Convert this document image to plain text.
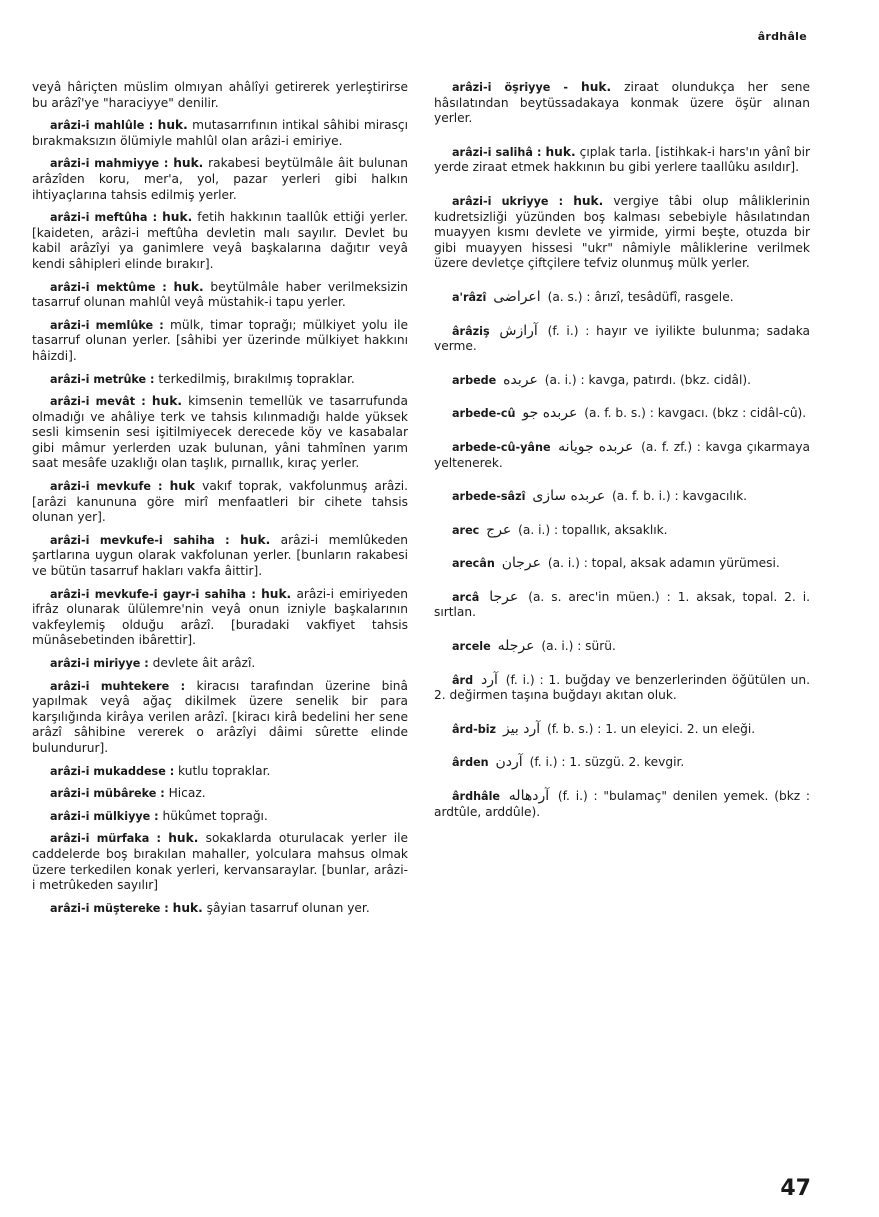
ârdhâle

veyâ hâriçten müslim olmıyan ahâlîyi getirerek yerleştirirse bu arâzî'ye "haraciyye" denilir.

arâzi-i mahlûle : huk. mutasarrıfının intikal sâhibi mirasçı bırakmaksızın ölümiyle mahlûl olan arâzi-i emiriye.

arâzi-i mahmiyye : huk. rakabesi beytülmâle âit bulunan arâzîden koru, mer'a, yol, pazar yerleri gibi halkın ihtiyaçlarına tahsis edilmiş yerler.

arâzi-i meftûha : huk. fetih hakkının taallûk ettiği yerler. [kaideten, arâzi-i meftûha devletin malı sayılır. Devlet bu kabil arâzîyi ya ganimlere veyâ başkalarına dağıtır veyâ kendi sâhipleri elinde bırakır].

arâzi-i mektûme : huk. beytülmâle haber verilmeksizin tasarruf olunan mahlûl veyâ müstahik-i tapu yerler.

arâzi-i memlûke : mülk, timar toprağı; mülkiyet yolu ile tasarruf olunan yerler. [sâhibi yer üzerinde mülkiyet hakkını hâizdi].

arâzi-i metrûke : terkedilmiş, bırakılmış topraklar.

arâzi-i mevât : huk. kimsenin temellük ve tasarrufunda olmadığı ve ahâliye terk ve tahsis kılınmadığı halde yüksek sesli kimsenin sesi işitilmiyecek derecede köy ve kasabalar gibi mâmur yerlerden uzak bulunan, yâni tahmînen yarım saat mesâfe uzaklığı olan taşlık, pırnallık, kıraç yerler.

arâzi-i mevkufe : huk vakıf toprak, vakfolunmuş arâzi. [arâzi kanununa göre mirî menfaatleri bir cihete tahsis olunan yer].

arâzi-i mevkufe-i sahiha : huk. arâzi-i memlûkeden şartlarına uygun olarak vakfolunan yerler. [bunların rakabesi ve bütün tasarruf hakları vakfa âittir].

arâzi-i mevkufe-i gayr-i sahiha : huk. arâzi-i emiriyeden ifrâz olunarak ülülemre'nin veyâ onun izniyle başkalarının vakfeylemiş olduğu arâzî. [buradaki vakfiyet tahsis münâsebetinden ibârettir].

arâzi-i miriyye : devlete âit arâzî.

arâzi-i muhtekere : kiracısı tarafından üzerine binâ yapılmak veyâ ağaç dikilmek üzere senelik bir para karşılığında kirâya verilen arâzî. [kiracı kirâ bedelini her sene arâzî sâhibine vererek o arâzîyi dâimi sûrette elinde bulundurur].

arâzi-i mukaddese : kutlu topraklar.

arâzi-i mübâreke : Hicaz.

arâzi-i mülkiyye : hükûmet toprağı.

arâzi-i mürfaka : huk. sokaklarda oturulacak yerler ile caddelerde boş bırakılan mahaller, yolculara mahsus olmak üzere terkedilen konak yerleri, kervansaraylar. [bunlar, arâzi-i metrûkeden sayılır]

arâzi-i müştereke : huk. şâyian tasarruf olunan yer.

arâzi-i öşriyye - huk. ziraat olundukça her sene hâsılatından beytüssadakaya konmak üzere öşür alınan yerler.

arâzi-i salihâ : huk. çıplak tarla. [istihkak-i hars'ın yânî bir yerde ziraat etmek hakkının bu gibi yerlere taallûku asıldır].

arâzi-i ukriyye : huk. vergiye tâbi olup mâliklerinin kudretsizliği yüzünden boş kalması sebebiyle hâsılatından muayyen kısmı devlete ve yirmide, yirmi beşte, otuzda bir gibi muayyen hissesi "ukr" nâmiyle mâliklerine verilmek üzere devletçe çiftçilere tefviz olunmuş mülk yerler.

a'râzî اعراضى (a. s.) : ârızî, tesâdüfî, rasgele.

ârâziş آرازش (f. i.) : hayır ve iyilikte bulunma; sadaka verme.

arbede عربده (a. i.) : kavga, patırdı. (bkz. cidâl).

arbede-cû عربده جو (a. f. b. s.) : kavgacı. (bkz : cidâl-cû).

arbede-cû-yâne عربده جويانه (a. f. zf.) : kavga çıkarmaya yeltenerek.

arbede-sâzî عربده سازى (a. f. b. i.) : kavgacılık.

arec عرج (a. i.) : topallık, aksaklık.

arecân عرجان (a. i.) : topal, aksak adamın yürümesi.

arcâ عرجا (a. s. arec'in müen.) : 1. aksak, topal. 2. i. sırtlan.

arcele عرجله (a. i.) : sürü.

ârd آرد (f. i.) : 1. buğday ve benzerlerinden öğütülen un. 2. değirmen taşına buğdayı akıtan oluk.

ârd-biz آرد بيز (f. b. s.) : 1. un eleyici. 2. un eleği.

ârden آردن (f. i.) : 1. süzgü. 2. kevgir.

ârdhâle آردهاله (f. i.) : "bulamaç" denilen yemek. (bkz : ardtûle, arddûle).

47
